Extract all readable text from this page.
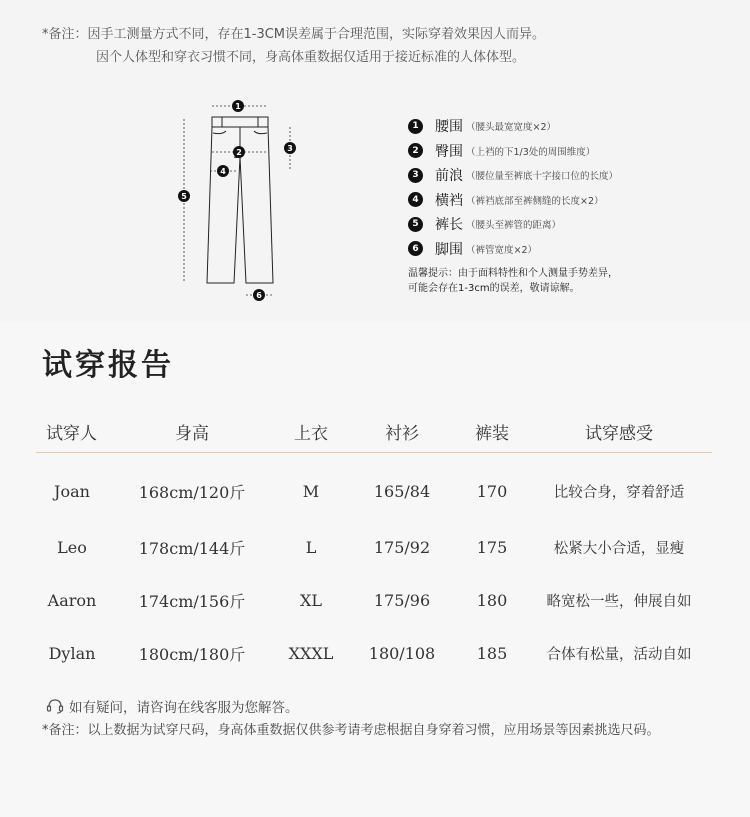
*备注：因手工测量方式不同，存在1-3CM误差属于合理范围，实际穿着效果因人而异。
因个人体型和穿衣习惯不同，身高体重数据仅适用于接近标准的人体体型。
1
2	3
4
5
6
1	腰围 （腰头最宽宽度×2）
2	臀围 （上裆的下1/3处的周围维度）
3	前浪 （腰位量至裤底十字接口位的长度）
4	横裆 （裤裆底部至裤侧缝的长度×2）
5	裤长 （腰头至裤管的距离）
6	脚围 （裤管宽度×2）
温馨提示：由于面料特性和个人测量手势差异，
可能会存在1-3cm的误差，敬请谅解。
试穿报告
试穿人	身高	上衣	衬衫	裤装	试穿感受
Joan	168cm/120斤	M	165/84	170	比较合身，穿着舒适
Leo	178cm/144斤	L	175/92	175	松紧大小合适，显瘦
Aaron	174cm/156斤	XL	175/96	180	略宽松一些，伸展自如
Dylan	180cm/180斤	XXXL	180/108	185	合体有松量，活动自如
如有疑问，请咨询在线客服为您解答。
*备注：以上数据为试穿尺码，身高体重数据仅供参考请考虑根据自身穿着习惯，应用场景等因素挑选尺码。
